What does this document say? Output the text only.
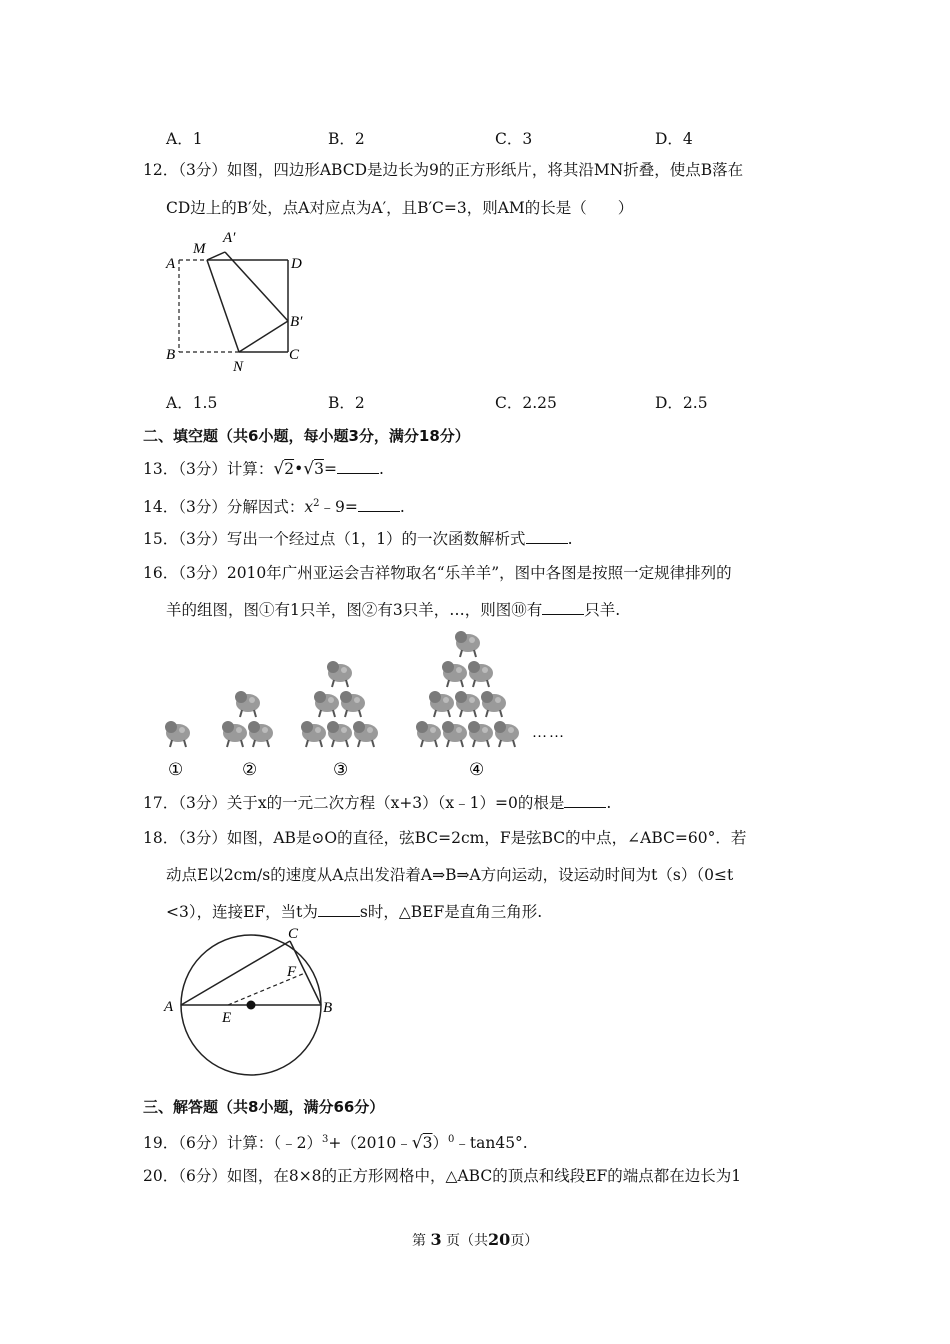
A．1	B．2	C．3	D．4
12．（3分）如图，四边形ABCD是边长为9的正方形纸片，将其沿MN折叠，使点B落在
CD边上的B′处，点A对应点为A′，且B′C=3，则AM的长是（　　）
M
A′
A	D
B′
B
N
C
A．1.5	B．2	C．2.25	D．2.5
二、填空题（共6小题，每小题3分，满分18分）
13．（3分）计算：√2•√3=	.
14．（3分）分解因式：$x^2﹣9=$	.
15．（3分）写出一个经过点（1，1）的一次函数解析式	.
16．（3分）2010年广州亚运会吉祥物取名“乐羊羊”，图中各图是按照一定规律排列的
羊的组图，图①有1只羊，图②有3只羊，…，则图⑩有	只羊.
……
①	②	③	④
17．（3分）关于x的一元二次方程（x+3）（x﹣1）=0的根是	.
18．（3分）如图，AB是⊙O的直径，弦BC=2cm，F是弦BC的中点，∠ABC=60°．若
动点E以2cm/s的速度从A点出发沿着A⇒B⇒A方向运动，设运动时间为t（s）（0≤t
<3），连接EF，当t为	s时，△BEF是直角三角形.
C
F
A
E
B
三、解答题（共8小题，满分66分）
19．（6分）计算：（﹣2）$^3$+（2010﹣√3）$^0$﹣tan45°.
20．（6分）如图，在8×8的正方形网格中，△ABC的顶点和线段EF的端点都在边长为1
第 3 页（共20页）
